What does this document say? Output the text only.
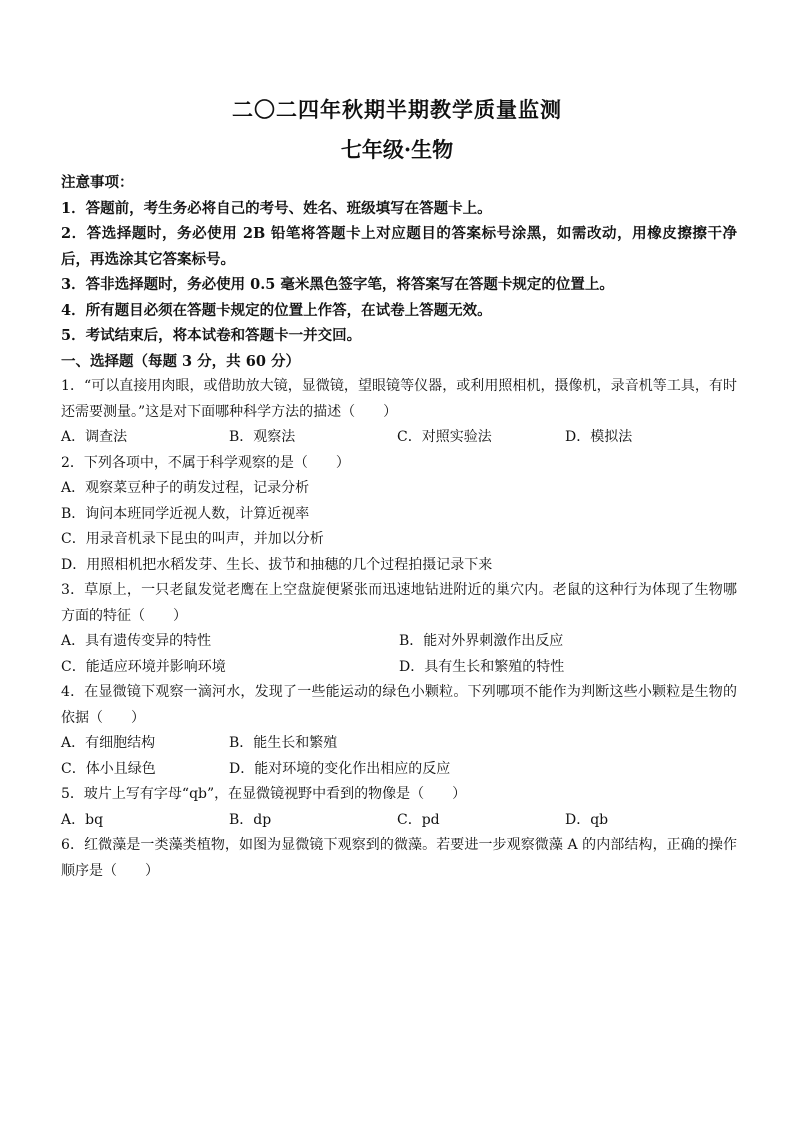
二〇二四年秋期半期教学质量监测
七年级·生物
注意事项：
1．答题前，考生务必将自己的考号、姓名、班级填写在答题卡上。
2．答选择题时，务必使用 2B 铅笔将答题卡上对应题目的答案标号涂黑，如需改动，用橡皮擦擦干净后，再选涂其它答案标号。
3．答非选择题时，务必使用 0.5 毫米黑色签字笔，将答案写在答题卡规定的位置上。
4．所有题目必须在答题卡规定的位置上作答，在试卷上答题无效。
5．考试结束后，将本试卷和答题卡一并交回。
一、选择题（每题 3 分，共 60 分）
1．“可以直接用肉眼，或借助放大镜，显微镜，望眼镜等仪器，或利用照相机，摄像机，录音机等工具，有时还需要测量。”这是对下面哪种科学方法的描述（　　）
A．调查法	B．观察法	C．对照实验法	D．模拟法
2．下列各项中，不属于科学观察的是（　　）
A．观察菜豆种子的萌发过程，记录分析
B．询问本班同学近视人数，计算近视率
C．用录音机录下昆虫的叫声，并加以分析
D．用照相机把水稻发芽、生长、拔节和抽穗的几个过程拍摄记录下来
3．草原上，一只老鼠发觉老鹰在上空盘旋便紧张而迅速地钻进附近的巢穴内。老鼠的这种行为体现了生物哪方面的特征（　　）
A．具有遗传变异的特性	B．能对外界刺激作出反应
C．能适应环境并影响环境	D．具有生长和繁殖的特性
4．在显微镜下观察一滴河水，发现了一些能运动的绿色小颗粒。下列哪项不能作为判断这些小颗粒是生物的依据（　　）
A．有细胞结构	B．能生长和繁殖
C．体小且绿色	D．能对环境的变化作出相应的反应
5．玻片上写有字母“qb”，在显微镜视野中看到的物像是（　　）
A．bq	B．dp	C．pd	D．qb
6．红微藻是一类藻类植物，如图为显微镜下观察到的微藻。若要进一步观察微藻 A 的内部结构，正确的操作顺序是（　　）
